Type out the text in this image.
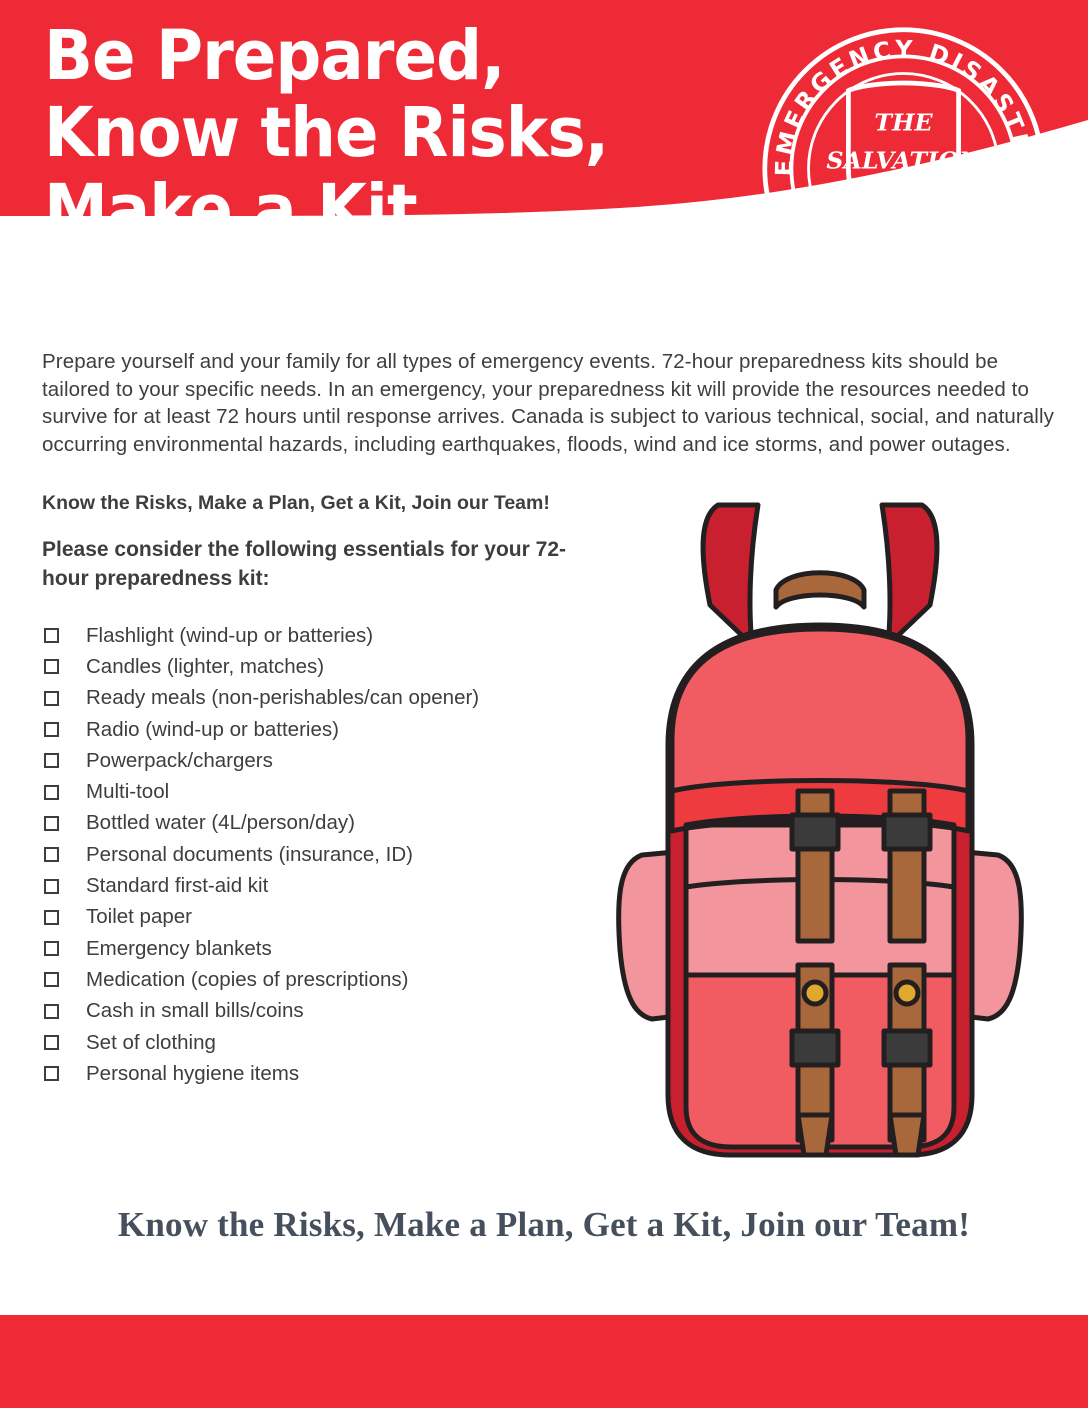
Be Prepared,
Know the Risks,
Make a Kit.
EMERGENCY DISASTER
SERVICES
THE
SALVATION
ARMY
Prepare yourself and your family for all types of emergency events. 72-hour preparedness kits should be tailored to your specific needs. In an emergency, your preparedness kit will provide the resources needed to survive for at least 72 hours until response arrives. Canada is subject to various technical, social, and naturally occurring environmental hazards, including earthquakes, floods, wind and ice storms, and power outages.
Know the Risks, Make a Plan, Get a Kit, Join our Team!
Please consider the following essentials for your 72-hour preparedness kit:
Flashlight (wind-up or batteries)
Candles (lighter, matches)
Ready meals (non-perishables/can opener)
Radio (wind-up or batteries)
Powerpack/chargers
Multi-tool
Bottled water (4L/person/day)
Personal documents (insurance, ID)
Standard first-aid kit
Toilet paper
Emergency blankets
Medication (copies of prescriptions)
Cash in small bills/coins
Set of clothing
Personal hygiene items
Know the Risks, Make a Plan, Get a Kit, Join our Team!
